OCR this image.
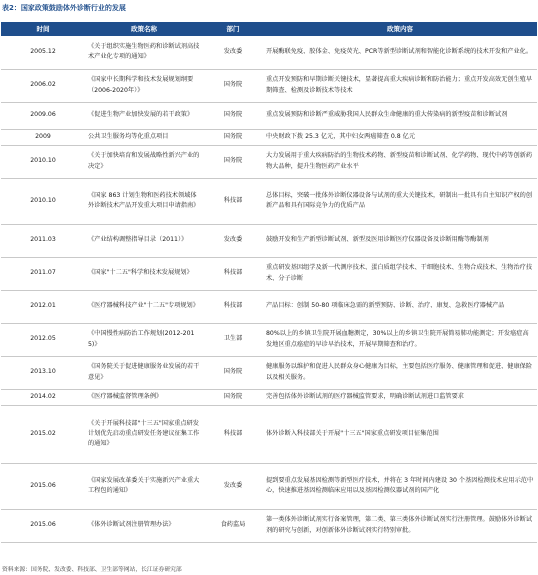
表2：国家政策鼓励体外诊断行业的发展
时间	政策名称	部门	政策内容
2005.12	《关于组织实施生物医药和诊断试剂高技术产业化专项的通知》	发改委	开展酶联免疫、胶体金、免疫荧光、PCR等新型诊断试剂和智能化诊断系统的技术开发和产业化。
2006.02	《国家中长期科学和技术发展规划纲要（2006-2020年）》	国务院	重点开发预防和早期诊断关键技术，显著提高重大疾病诊断和防治能力；重点开发高效无创生殖早期筛查、检测及诊断技术等技术
2009.06	《促进生物产业加快发展的若干政策》	国务院	重点发展预防和诊断严重威胁我国人民群众生命健康的重大传染病的新型疫苗和诊断试剂
2009	公共卫生服务均等化重点项目	国务院	中央财政下拨 25.3 亿元，其中妇女两癌筛查 0.8 亿元
2010.10	《关于加快培育和发展战略性新兴产业的决定》	国务院	大力发展用于重大疾病防治的生物技术药物、新型疫苗和诊断试剂、化学药物、现代中药等创新药物大品种，提升生物医药产业水平
2010.10	《国家 863 计划生物和医药技术领域体外诊断技术产品开发重大项目申请指南》	科技部	总体目标，突破一批体外诊断仪器设备与试剂的重大关键技术，研制出一批具有自主知识产权的创新产品和具有国际竞争力的优质产品
2011.03	《产业结构调整指导目录（2011）》	发改委	鼓励开发和生产新型诊断试剂、新型及医用诊断医疗仪器设备及诊断用酶等酶制剂
2011.07	《国家"十二五"科学和技术发展规划》	科技部	重点研发基因组学及新一代测序技术、蛋白质组学技术、干细胞技术、生物合成技术、生物治疗技术、分子诊断
2012.01	《医疗器械科技产业"十二五"专项规划》	科技部	产品目标：创制 50-80 项临床急需的新型预防、诊断、治疗、康复、急救医疗器械产品
2012.05	《中国慢性病防治工作规划(2012-2015)》	卫生部	80%以上的乡镇卫生院开展血糖测定，30%以上的乡镇卫生院开展简易肺功能测定；开发癌症高发地区重点癌症的早诊早治技术，开展早期筛查和治疗。
2013.10	《国务院关于促进健康服务业发展的若干意见》	国务院	健康服务以维护和促进人民群众身心健康为目标，主要包括医疗服务、健康管理和促进、健康保险以及相关服务。
2014.02	《医疗器械监督管理条例》	国务院	完善包括体外诊断试剂的医疗器械监管要求，明确诊断试剂进口监管要求
2015.02	《关于开展科技部"十三五"国家重点研发计划优先启动重点研发任务建议征集工作的通知》	科技部	体外诊断入科技部关于开展"十三五"国家重点研发项目征集范围
2015.06	《国家发展改革委关于实施新兴产业重大工程包的通知》	发改委	提到要重点发展基因检测等新型医疗技术，并将在 3 年时间内建设 30 个基因检测技术应用示范中心，快速推进基因检测临床应用以及基因检测仪器试剂的国产化
2015.06	《体外诊断试剂注册管理办法》	食药监局	第一类体外诊断试剂实行备案管理，第二类、第三类体外诊断试剂实行注册管理。鼓励体外诊断试剂的研究与创新，对创新体外诊断试剂实行特别审批。
资料来源：国务院、发改委、科技部、卫生部等网站，长江证券研究部
